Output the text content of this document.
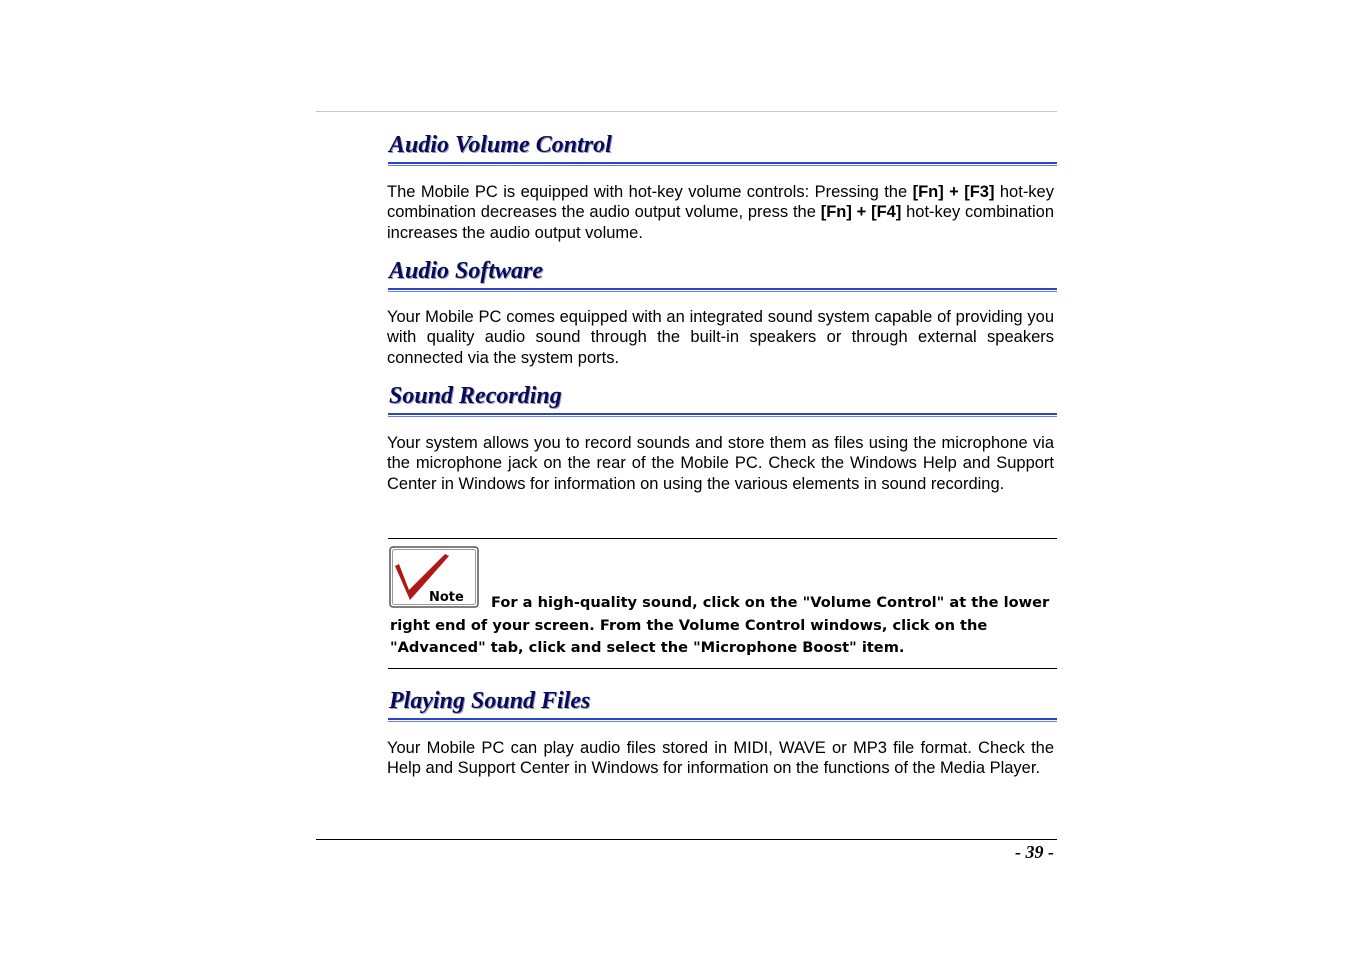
Audio Volume Control
The Mobile PC is equipped with hot-key volume controls: Pressing the [Fn] + [F3] hot-key combination decreases the audio output volume, press the [Fn] + [F4] hot-key combination increases the audio output volume.
Audio Software
Your Mobile PC comes equipped with an integrated sound system capable of providing you with quality audio sound through the built-in speakers or through external speakers connected via the system ports.
Sound Recording
Your system allows you to record sounds and store them as files using the microphone via the microphone jack on the rear of the Mobile PC. Check the Windows Help and Support Center in Windows for information on using the various elements in sound recording.
Note	For a high-quality sound, click on the "Volume Control" at the lower right end of your screen. From the Volume Control windows, click on the "Advanced" tab, click and select the "Microphone Boost" item.
Playing Sound Files
Your Mobile PC can play audio files stored in MIDI, WAVE or MP3 file format. Check the Help and Support Center in Windows for information on the functions of the Media Player.
- 39 -
